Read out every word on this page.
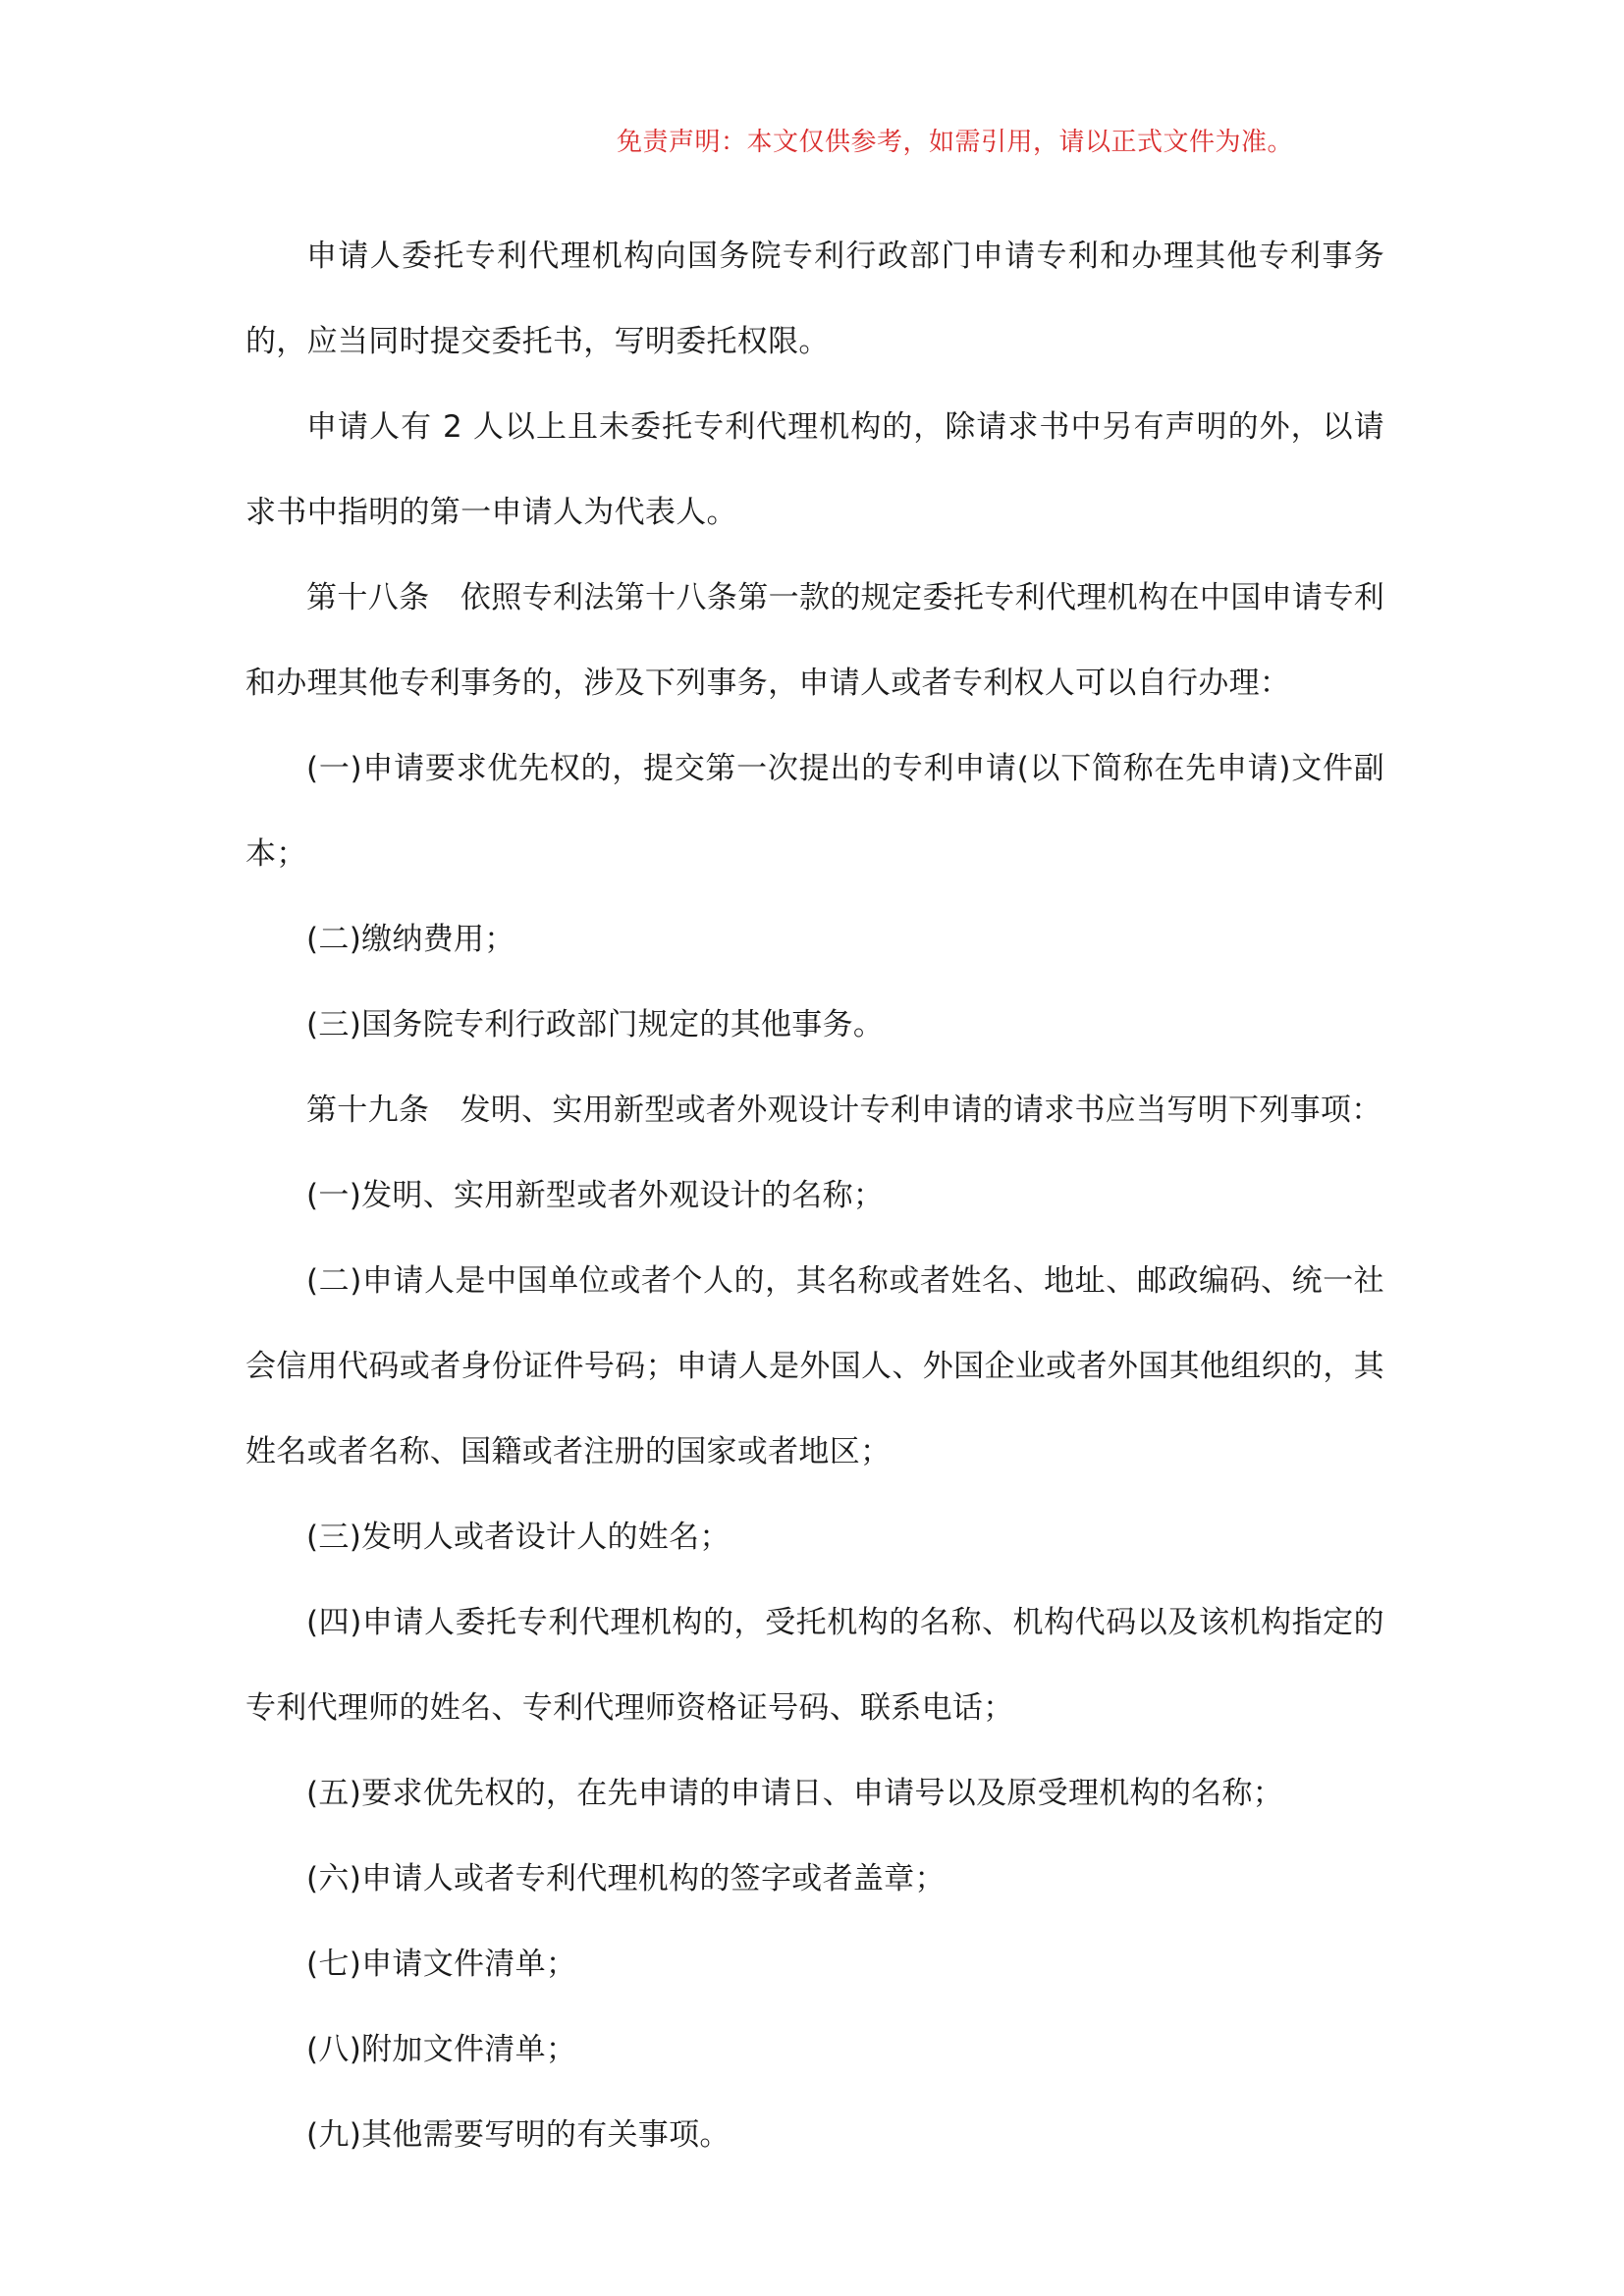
免责声明：本文仅供参考，如需引用，请以正式文件为准。

申请人委托专利代理机构向国务院专利行政部门申请专利和办理其他专利事务的，应当同时提交委托书，写明委托权限。

申请人有 2 人以上且未委托专利代理机构的，除请求书中另有声明的外，以请求书中指明的第一申请人为代表人。

第十八条　依照专利法第十八条第一款的规定委托专利代理机构在中国申请专利和办理其他专利事务的，涉及下列事务，申请人或者专利权人可以自行办理：

(一)申请要求优先权的，提交第一次提出的专利申请(以下简称在先申请)文件副本；

(二)缴纳费用；

(三)国务院专利行政部门规定的其他事务。

第十九条　发明、实用新型或者外观设计专利申请的请求书应当写明下列事项：

(一)发明、实用新型或者外观设计的名称；

(二)申请人是中国单位或者个人的，其名称或者姓名、地址、邮政编码、统一社会信用代码或者身份证件号码；申请人是外国人、外国企业或者外国其他组织的，其姓名或者名称、国籍或者注册的国家或者地区；

(三)发明人或者设计人的姓名；

(四)申请人委托专利代理机构的，受托机构的名称、机构代码以及该机构指定的专利代理师的姓名、专利代理师资格证号码、联系电话；

(五)要求优先权的，在先申请的申请日、申请号以及原受理机构的名称；

(六)申请人或者专利代理机构的签字或者盖章；

(七)申请文件清单；

(八)附加文件清单；

(九)其他需要写明的有关事项。
